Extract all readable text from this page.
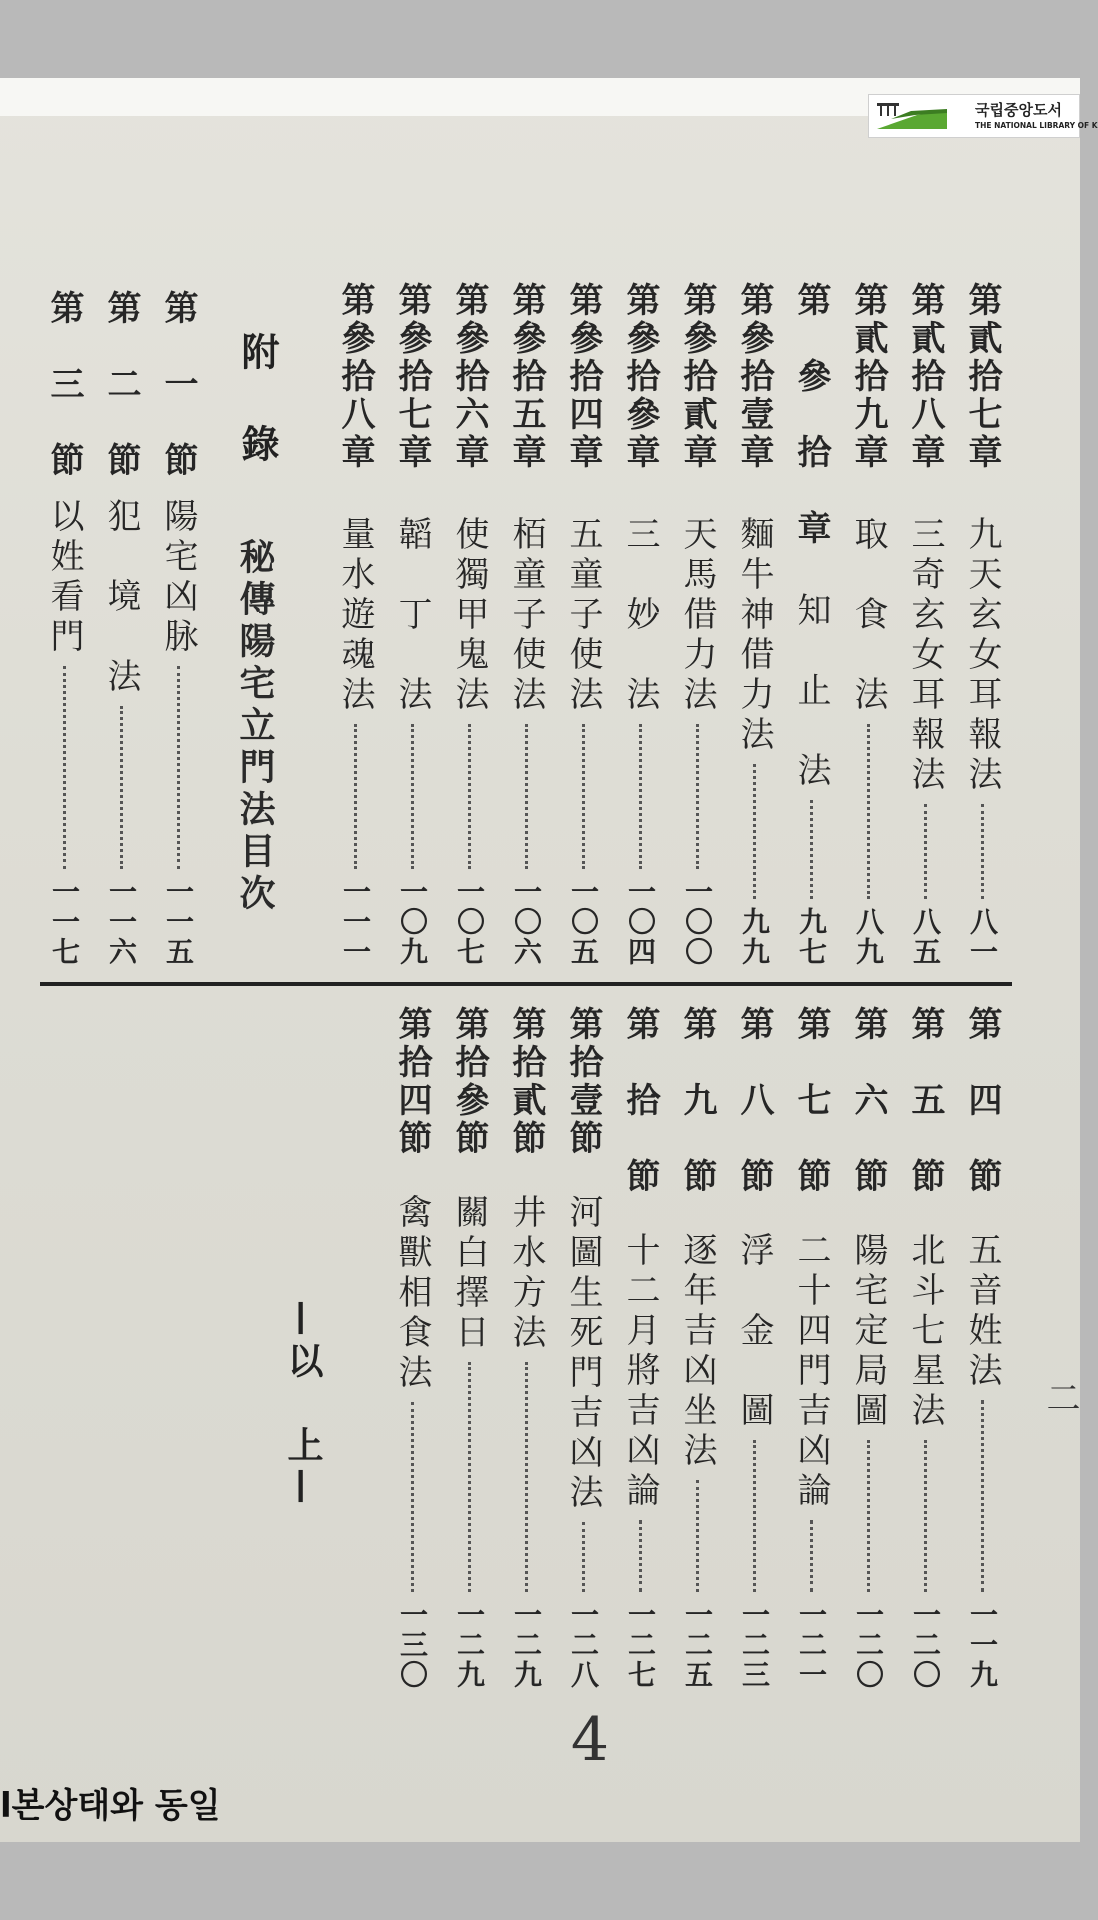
국립중앙도서
THE NATIONAL LIBRARY OF K
第貳拾七章
九天玄女耳報法
八一
第貳拾八章
三奇玄女耳報法
八五
第貳拾九章
取　食　法
八九
第　參　拾　章
知　止　法
九七
第參拾壹章
麵牛神借力法
九九
第參拾貳章
天馬借力法
一〇〇
第參拾參章
三　妙　法
一〇四
第參拾四章
五童子使法
一〇五
第參拾五章
栢童子使法
一〇六
第參拾六章
使獨甲鬼法
一〇七
第參拾七章
韜　丁　法
一〇九
第參拾八章
量水遊魂法
一一一
附　錄
秘傳陽宅立門法目次
第　一　節
陽宅凶脉
一一五
第　二　節
犯　境　法
一一六
第　三　節
以姓看門
一一七
第　四　節
五音姓法
一一九
第　五　節
北斗七星法
一二〇
第　六　節
陽宅定局圖
一二〇
第　七　節
二十四門吉凶論
一二一
第　八　節
浮　金　圖
一二三
第　九　節
逐年吉凶坐法
一二五
第　拾　節
十二月將吉凶論
一二七
第拾壹節
河圖生死門吉凶法
一二八
第拾貳節
井水方法
一二九
第拾參節
關白擇日
一二九
第拾四節
禽獸相食法
一三〇
—以　上—	二
4
l본상태와 동일
